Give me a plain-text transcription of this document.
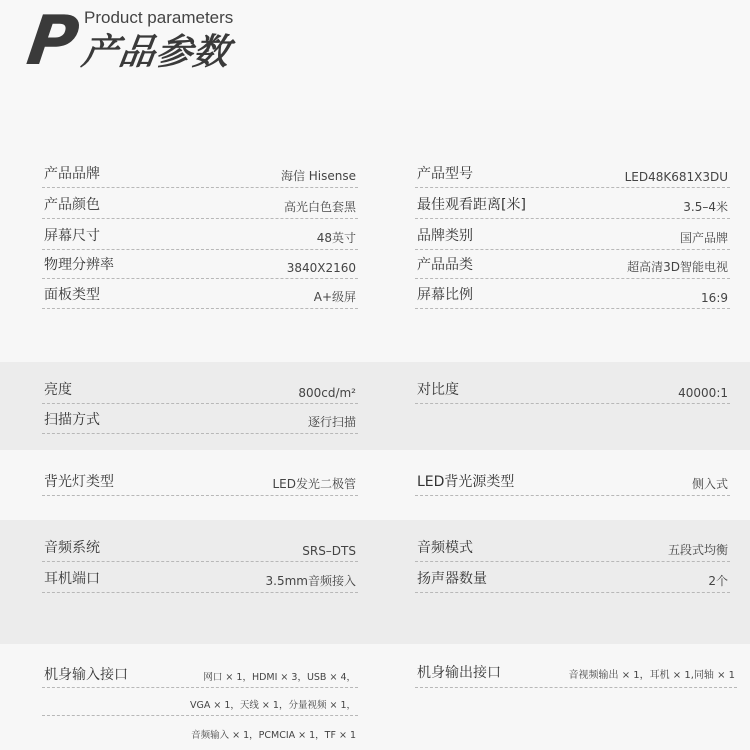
P Product parameters
产品参数
产品品牌	海信 Hisense
产品颜色	高光白色套黑
屏幕尺寸	48英寸
物理分辨率	3840X2160
面板类型	A+级屏
产品型号	LED48K681X3DU
最佳观看距离[米]	3.5–4米
品牌类别	国产品牌
产品品类	超高清3D智能电视
屏幕比例	16:9
亮度	800cd/m²
扫描方式	逐行扫描
对比度	40000:1
背光灯类型	LED发光二极管	LED背光源类型	侧入式
音频系统	SRS–DTS
耳机端口	3.5mm音频接入
音频模式	五段式均衡
扬声器数量	2个
机身输入接口	网口 × 1，HDMI × 3，USB × 4，
VGA × 1，天线 × 1，分量视频 × 1，
音频输入 × 1，PCMCIA × 1，TF × 1
机身输出接口	音视频输出 × 1，耳机 × 1,同轴 × 1
